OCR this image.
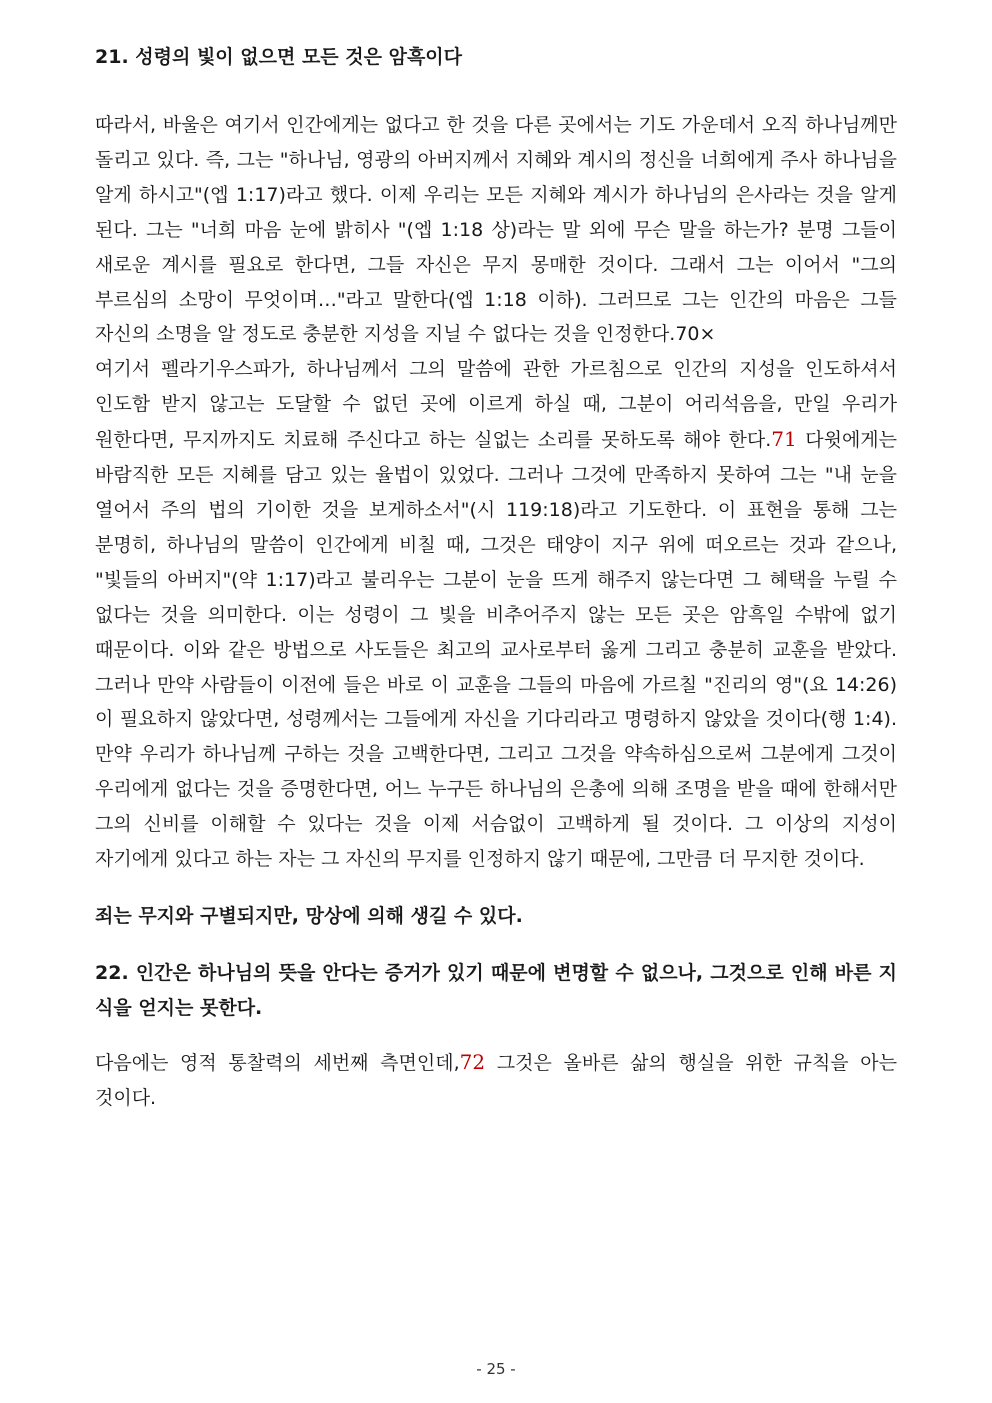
21. 성령의 빛이 없으면 모든 것은 암흑이다

따라서, 바울은 여기서 인간에게는 없다고 한 것을 다른 곳에서는 기도 가운데서 오직 하나님께만 돌리고 있다. 즉, 그는 "하나님, 영광의 아버지께서 지혜와 계시의 정신을 너희에게 주사 하나님을 알게 하시고"(엡 1:17)라고 했다. 이제 우리는 모든 지혜와 계시가 하나님의 은사라는 것을 알게 된다. 그는 "너희 마음 눈에 밝히사 "(엡 1:18 상)라는 말 외에 무슨 말을 하는가? 분명 그들이 새로운 계시를 필요로 한다면, 그들 자신은 무지 몽매한 것이다. 그래서 그는 이어서 "그의 부르심의 소망이 무엇이며…"라고 말한다(엡 1:18 이하). 그러므로 그는 인간의 마음은 그들 자신의 소명을 알 정도로 충분한 지성을 지닐 수 없다는 것을 인정한다.70×

여기서 펠라기우스파가, 하나님께서 그의 말씀에 관한 가르침으로 인간의 지성을 인도하셔서 인도함 받지 않고는 도달할 수 없던 곳에 이르게 하실 때, 그분이 어리석음을, 만일 우리가 원한다면, 무지까지도 치료해 주신다고 하는 실없는 소리를 못하도록 해야 한다.71 다윗에게는 바람직한 모든 지혜를 담고 있는 율법이 있었다. 그러나 그것에 만족하지 못하여 그는 "내 눈을 열어서 주의 법의 기이한 것을 보게하소서"(시 119:18)라고 기도한다. 이 표현을 통해 그는 분명히, 하나님의 말씀이 인간에게 비칠 때, 그것은 태양이 지구 위에 떠오르는 것과 같으나, "빛들의 아버지"(약 1:17)라고 불리우는 그분이 눈을 뜨게 해주지 않는다면 그 혜택을 누릴 수 없다는 것을 의미한다. 이는 성령이 그 빛을 비추어주지 않는 모든 곳은 암흑일 수밖에 없기 때문이다. 이와 같은 방법으로 사도들은 최고의 교사로부터 옳게 그리고 충분히 교훈을 받았다. 그러나 만약 사람들이 이전에 들은 바로 이 교훈을 그들의 마음에 가르칠 "진리의 영"(요 14:26)이 필요하지 않았다면, 성령께서는 그들에게 자신을 기다리라고 명령하지 않았을 것이다(행 1:4). 만약 우리가 하나님께 구하는 것을 고백한다면, 그리고 그것을 약속하심으로써 그분에게 그것이 우리에게 없다는 것을 증명한다면, 어느 누구든 하나님의 은총에 의해 조명을 받을 때에 한해서만 그의 신비를 이해할 수 있다는 것을 이제 서슴없이 고백하게 될 것이다. 그 이상의 지성이 자기에게 있다고 하는 자는 그 자신의 무지를 인정하지 않기 때문에, 그만큼 더 무지한 것이다.

죄는 무지와 구별되지만, 망상에 의해 생길 수 있다.

22. 인간은 하나님의 뜻을 안다는 증거가 있기 때문에 변명할 수 없으나, 그것으로 인해 바른 지식을 얻지는 못한다.

다음에는 영적 통찰력의 세번째 측면인데,72 그것은 올바른 삶의 행실을 위한 규칙을 아는 것이다.

- 25 -
